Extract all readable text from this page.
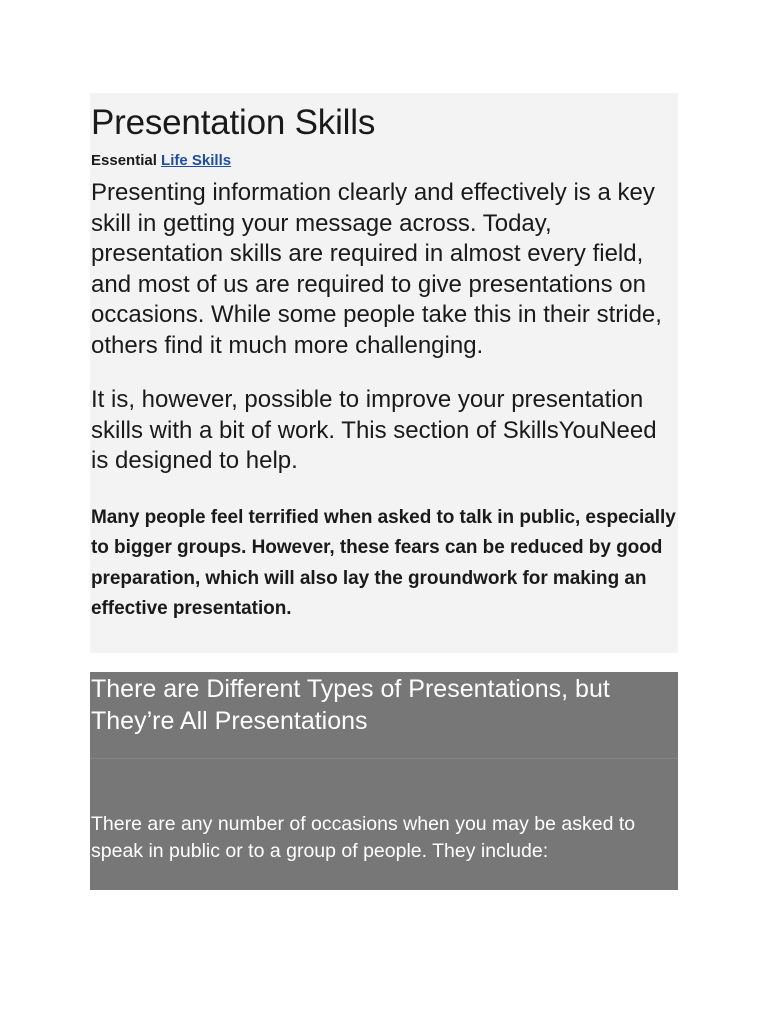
Presentation Skills

Essential Life Skills

Presenting information clearly and effectively is a key skill in getting your message across. Today, presentation skills are required in almost every field, and most of us are required to give presentations on occasions. While some people take this in their stride, others find it much more challenging.

It is, however, possible to improve your presentation skills with a bit of work. This section of SkillsYouNeed is designed to help.

Many people feel terrified when asked to talk in public, especially to bigger groups. However, these fears can be reduced by good preparation, which will also lay the groundwork for making an effective presentation.

There are Different Types of Presentations, but They’re All Presentations

There are any number of occasions when you may be asked to speak in public or to a group of people. They include:
